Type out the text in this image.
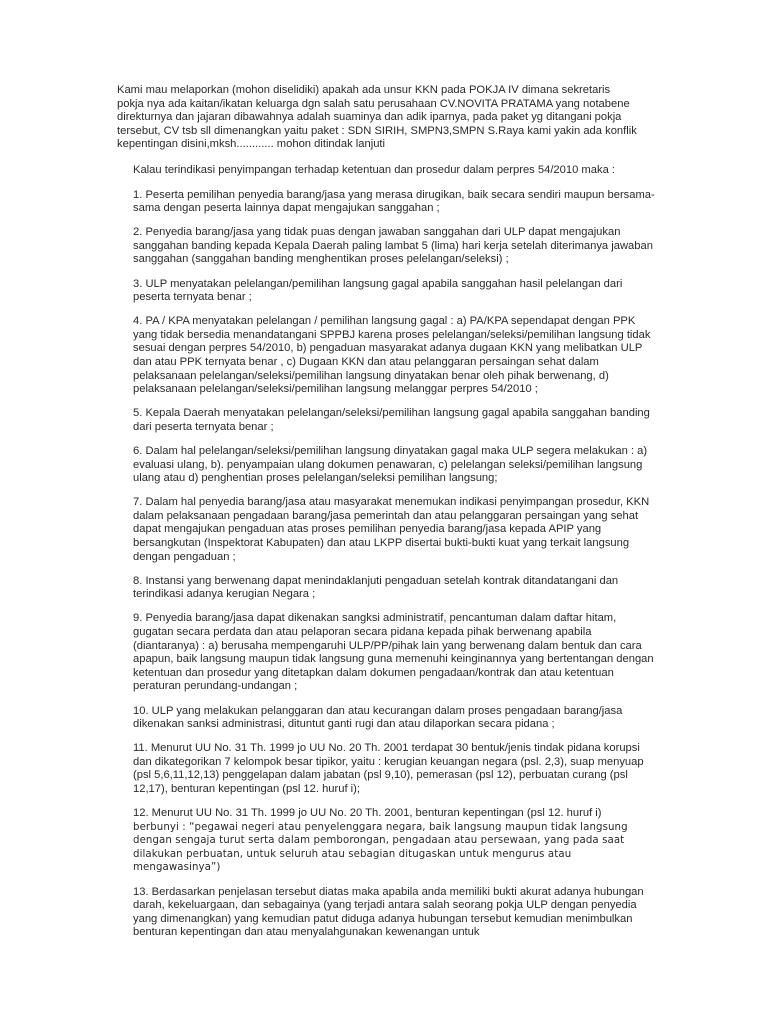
Kami mau melaporkan (mohon diselidiki) apakah ada unsur KKN pada POKJA IV dimana sekretaris pokja nya ada kaitan/ikatan keluarga dgn salah satu perusahaan CV.NOVITA PRATAMA yang notabene direkturnya dan jajaran dibawahnya adalah suaminya dan adik iparnya, pada paket yg ditangani pokja tersebut, CV tsb sll dimenangkan yaitu paket : SDN SIRIH, SMPN3,SMPN S.Raya kami yakin ada konflik kepentingan disini,mksh............ mohon ditindak lanjuti

Kalau terindikasi penyimpangan terhadap ketentuan dan prosedur dalam perpres 54/2010 maka :

1. Peserta pemilihan penyedia barang/jasa yang merasa dirugikan, baik secara sendiri maupun bersama-sama dengan peserta lainnya dapat mengajukan sanggahan ;

2. Penyedia barang/jasa yang tidak puas dengan jawaban sanggahan dari ULP dapat mengajukan sanggahan banding kepada Kepala Daerah paling lambat 5 (lima) hari kerja setelah diterimanya jawaban sanggahan (sanggahan banding menghentikan proses pelelangan/seleksi) ;

3. ULP menyatakan pelelangan/pemilihan langsung gagal apabila sanggahan hasil pelelangan dari peserta ternyata benar ;

4. PA / KPA menyatakan pelelangan / pemilihan langsung gagal : a) PA/KPA sependapat dengan PPK yang tidak bersedia menandatangani SPPBJ karena proses pelelangan/seleksi/pemilihan langsung tidak sesuai dengan perpres 54/2010, b) pengaduan masyarakat adanya dugaan KKN yang melibatkan ULP dan atau PPK ternyata benar , c) Dugaan KKN dan atau pelanggaran persaingan sehat dalam pelaksanaan pelelangan/seleksi/pemilihan langsung dinyatakan benar oleh pihak berwenang, d) pelaksanaan pelelangan/seleksi/pemilihan langsung melanggar perpres 54/2010 ;

5. Kepala Daerah menyatakan pelelangan/seleksi/pemilihan langsung gagal apabila sanggahan banding dari peserta ternyata benar ;

6. Dalam hal pelelangan/seleksi/pemilihan langsung dinyatakan gagal maka ULP segera melakukan : a) evaluasi ulang, b). penyampaian ulang dokumen penawaran, c) pelelangan seleksi/pemilihan langsung ulang atau d) penghentian proses pelelangan/seleksi pemilihan langsung;

7. Dalam hal penyedia barang/jasa atau masyarakat menemukan indikasi penyimpangan prosedur, KKN dalam pelaksanaan pengadaan barang/jasa pemerintah dan atau pelanggaran persaingan yang sehat dapat mengajukan pengaduan atas proses pemilihan penyedia barang/jasa kepada APIP yang bersangkutan (Inspektorat Kabupaten) dan atau LKPP disertai bukti-bukti kuat yang terkait langsung dengan pengaduan ;

8. Instansi yang berwenang dapat menindaklanjuti pengaduan setelah kontrak ditandatangani dan terindikasi adanya kerugian Negara ;

9. Penyedia barang/jasa dapat dikenakan sangksi administratif, pencantuman dalam daftar hitam, gugatan secara perdata dan atau pelaporan secara pidana kepada pihak berwenang apabila (diantaranya) : a) berusaha mempengaruhi ULP/PP/pihak lain yang berwenang dalam bentuk dan cara apapun, baik langsung maupun tidak langsung guna memenuhi keinginannya yang bertentangan dengan ketentuan dan prosedur yang ditetapkan dalam dokumen pengadaan/kontrak dan atau ketentuan peraturan perundang-undangan ;

10. ULP yang melakukan pelanggaran dan atau kecurangan dalam proses pengadaan barang/jasa dikenakan sanksi administrasi, dituntut ganti rugi dan atau dilaporkan secara pidana ;

11. Menurut UU No. 31 Th. 1999 jo UU No. 20 Th. 2001 terdapat 30 bentuk/jenis tindak pidana korupsi dan dikategorikan 7 kelompok besar tipikor, yaitu : kerugian keuangan negara (psl. 2,3), suap menyuap (psl 5,6,11,12,13) penggelapan dalam jabatan (psl 9,10), pemerasan (psl 12), perbuatan curang (psl 12,17), benturan kepentingan (psl 12. huruf i);

12. Menurut UU No. 31 Th. 1999 jo UU No. 20 Th. 2001, benturan kepentingan (psl 12. huruf i)
berbunyi : “pegawai negeri atau penyelenggara negara, baik langsung maupun tidak langsung dengan sengaja turut serta dalam pemborongan, pengadaan atau persewaan, yang pada saat dilakukan perbuatan, untuk seluruh atau sebagian ditugaskan untuk mengurus atau mengawasinya”)

13. Berdasarkan penjelasan tersebut diatas maka apabila anda memiliki bukti akurat adanya hubungan darah, kekeluargaan, dan sebagainya (yang terjadi antara salah seorang pokja ULP dengan penyedia yang dimenangkan) yang kemudian patut diduga adanya hubungan tersebut kemudian menimbulkan benturan kepentingan dan atau menyalahgunakan kewenangan untuk
